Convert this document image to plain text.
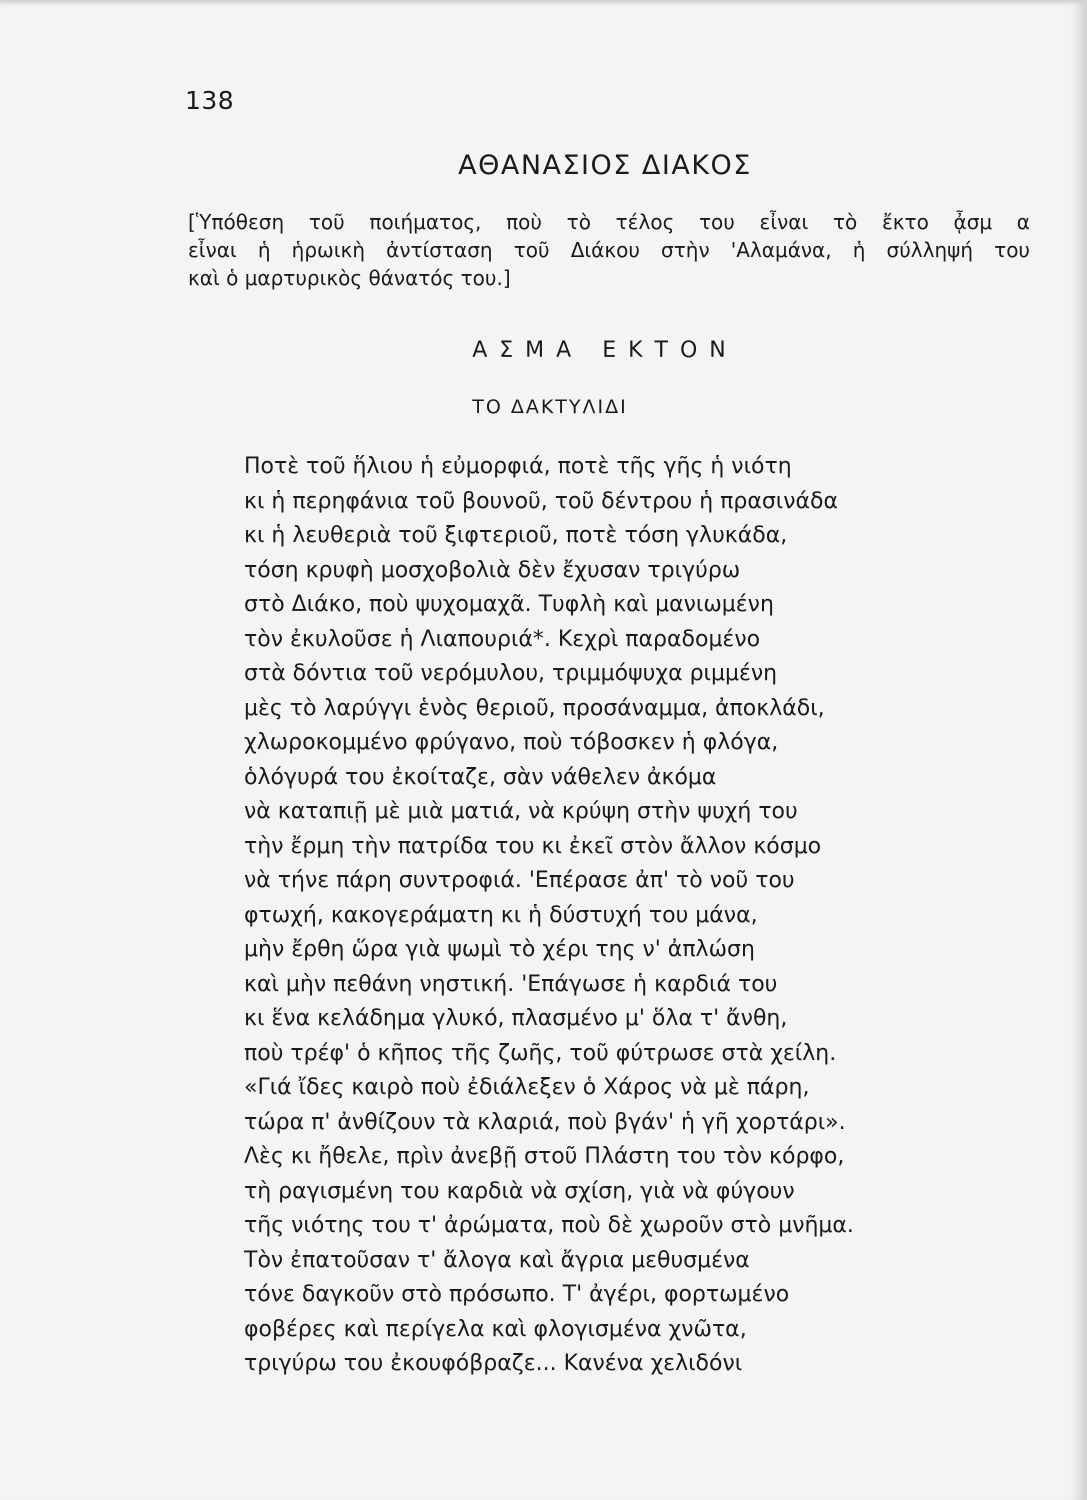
138
ΑΘΑΝΑΣΙΟΣ ΔΙΑΚΟΣ
[Ὑπόθεση τοῦ ποιήματος, ποὺ τὸ τέλος του εἶναι τὸ ἔκτο ᾆσμ α
εἶναι ἡ ἡρωικὴ ἀντίσταση τοῦ Διάκου στὴν 'Αλαμάνα, ἡ σύλληψή του
καὶ ὁ μαρτυρικὸς θάνατός του.]
ΑΣΜΑ ΕΚΤΟΝ
ΤΟ ΔΑΚΤΥΛΙΔΙ
Ποτὲ τοῦ ἥλιου ἡ εὐμορφιά, ποτὲ τῆς γῆς ἡ νιότη
κι ἡ περηφάνια τοῦ βουνοῦ, τοῦ δέντρου ἡ πρασινάδα
κι ἡ λευθεριὰ τοῦ ξιφτεριοῦ, ποτὲ τόση γλυκάδα,
τόση κρυφὴ μοσχοβολιὰ δὲν ἔχυσαν τριγύρω
στὸ Διάκο, ποὺ ψυχομαχᾶ. Τυφλὴ καὶ μανιωμένη
τὸν ἐκυλοῦσε ἡ Λιαπουριά*. Κεχρὶ παραδομένο
στὰ δόντια τοῦ νερόμυλου, τριμμόψυχα ριμμένη
μὲς τὸ λαρύγγι ἑνὸς θεριοῦ, προσάναμμα, ἀποκλάδι,
χλωροκομμένο φρύγανο, ποὺ τόβοσκεν ἡ φλόγα,
ὁλόγυρά του ἐκοίταζε, σὰν νάθελεν ἀκόμα
νὰ καταπιῇ μὲ μιὰ ματιά, νὰ κρύψη στὴν ψυχή του
τὴν ἔρμη τὴν πατρίδα του κι ἐκεῖ στὸν ἄλλον κόσμο
νὰ τήνε πάρη συντροφιά. 'Επέρασε ἀπ' τὸ νοῦ του
φτωχή, κακογεράματη κι ἡ δύστυχή του μάνα,
μὴν ἔρθη ὥρα γιὰ ψωμὶ τὸ χέρι της ν' ἀπλώση
καὶ μὴν πεθάνη νηστική. 'Επάγωσε ἡ καρδιά του
κι ἕνα κελάδημα γλυκό, πλασμένο μ' ὅλα τ' ἄνθη,
ποὺ τρέφ' ὁ κῆπος τῆς ζωῆς, τοῦ φύτρωσε στὰ χείλη.
«Γιά ἴδες καιρὸ ποὺ ἐδιάλεξεν ὁ Χάρος νὰ μὲ πάρη,
τώρα π' ἀνθίζουν τὰ κλαριά, ποὺ βγάν' ἡ γῆ χορτάρι».
Λὲς κι ἤθελε, πρὶν ἀνεβῇ στοῦ Πλάστη του τὸν κόρφο,
τὴ ραγισμένη του καρδιὰ νὰ σχίση, γιὰ νὰ φύγουν
τῆς νιότης του τ' ἀρώματα, ποὺ δὲ χωροῦν στὸ μνῆμα.
Τὸν ἐπατοῦσαν τ' ἄλογα καὶ ἄγρια μεθυσμένα
τόνε δαγκοῦν στὸ πρόσωπο. Τ' ἀγέρι, φορτωμένο
φοβέρες καὶ περίγελα καὶ φλογισμένα χνῶτα,
τριγύρω του ἐκουφόβραζε... Κανένα χελιδόνι
